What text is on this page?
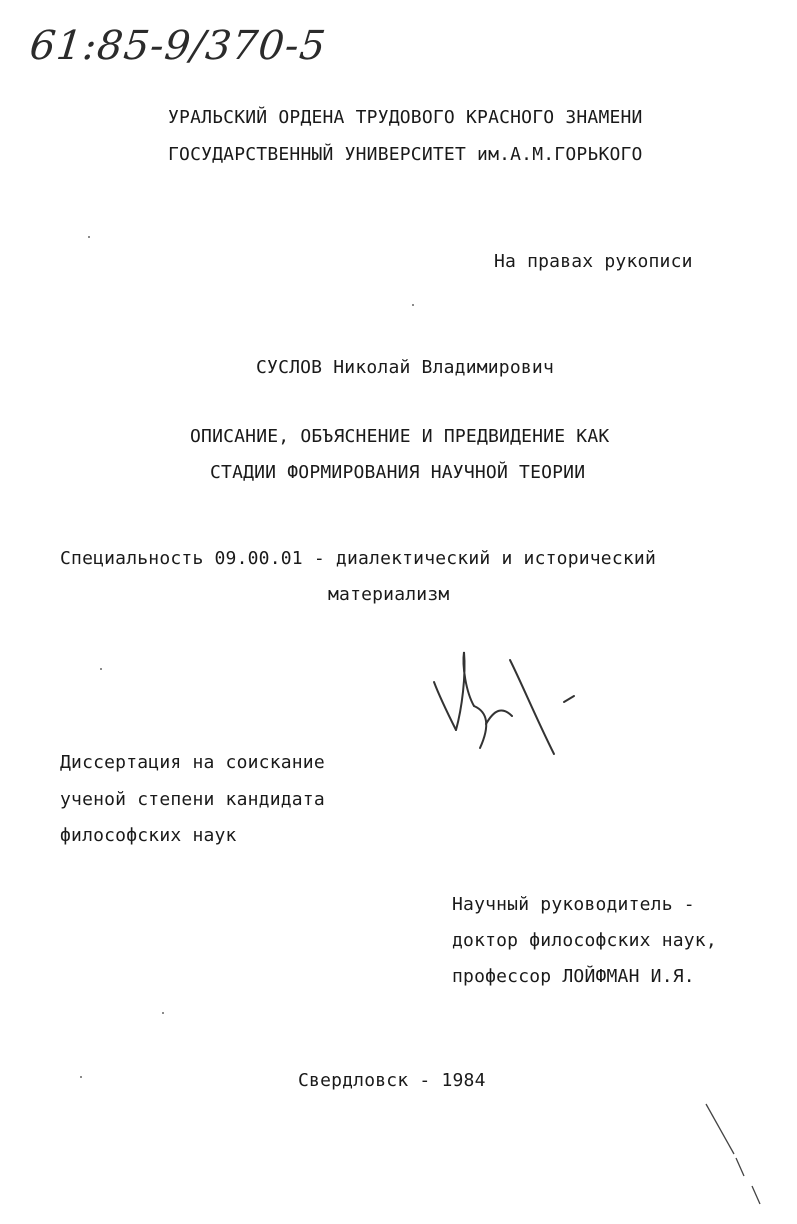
61:85-9/370-5
УРАЛЬСКИЙ ОРДЕНА ТРУДОВОГО КРАСНОГО ЗНАМЕНИ
ГОСУДАРСТВЕННЫЙ УНИВЕРСИТЕТ им.А.М.ГОРЬКОГО
На правах рукописи
СУСЛОВ Николай Владимирович
ОПИСАНИЕ, ОБЪЯСНЕНИЕ И ПРЕДВИДЕНИЕ КАК
СТАДИИ ФОРМИРОВАНИЯ НАУЧНОЙ ТЕОРИИ
Специальность 09.00.01 - диалектический и исторический
материализм
Диссертация на соискание
ученой степени кандидата
философских наук
Научный руководитель -
доктор философских наук,
профессор ЛОЙФМАН И.Я.
Свердловск - 1984
